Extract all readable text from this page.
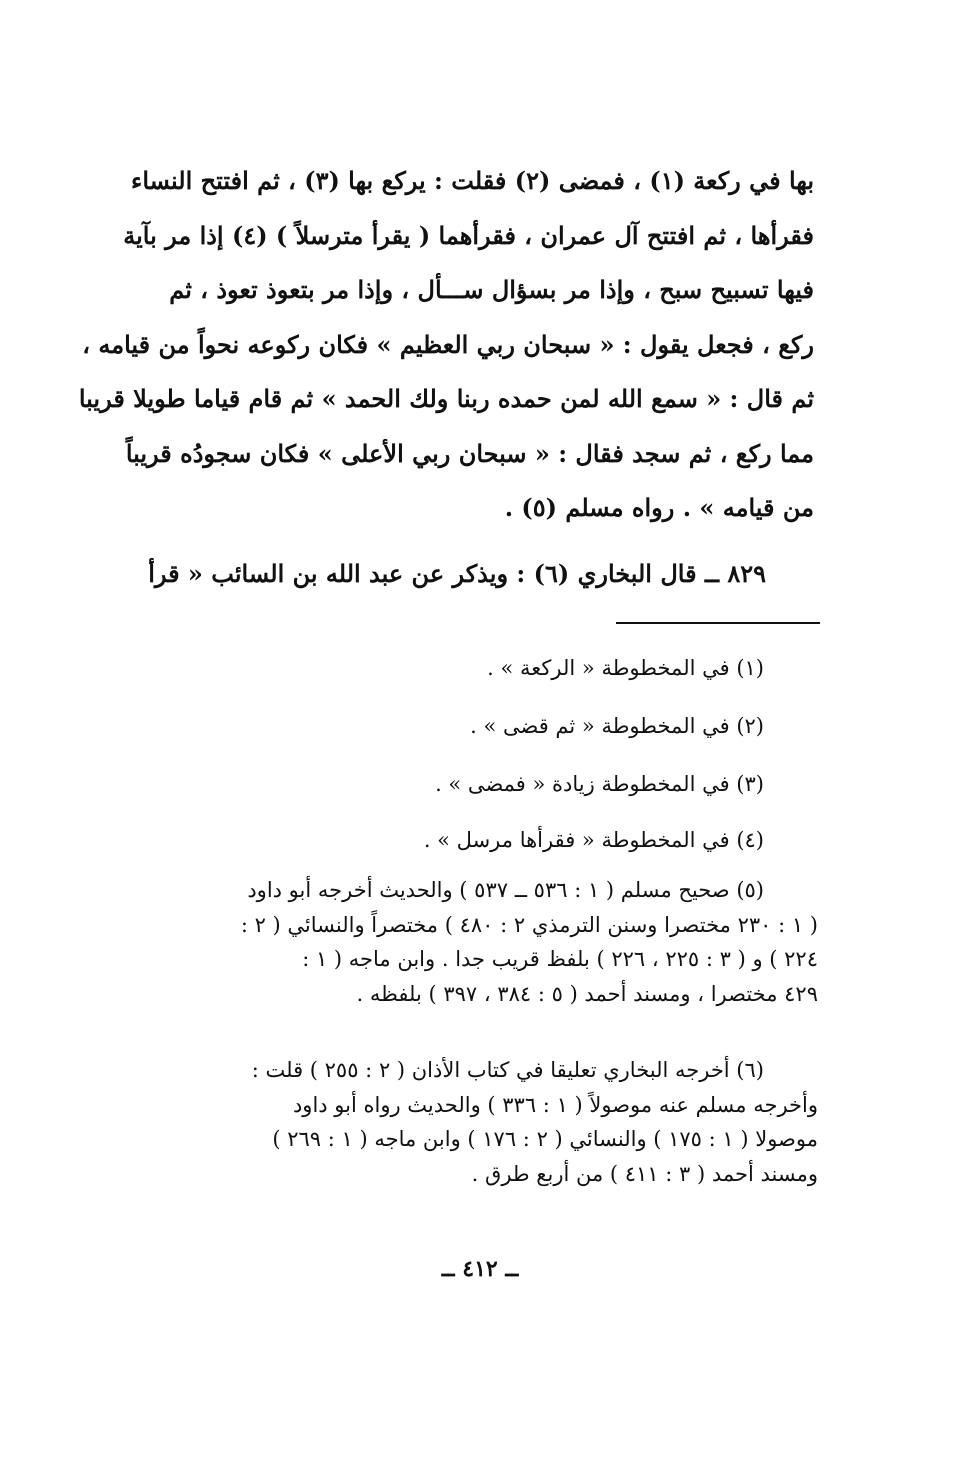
بها في ركعة (١) ، فمضى (٢) فقلت : يركع بها (٣) ، ثم افتتح النساء
فقرأها ، ثم افتتح آل عمران ، فقرأهما ( يقرأ مترسلاً ) (٤) إذا مر بآية
فيها تسبيح سبح ، وإذا مر بسؤال ســـأل ، وإذا مر بتعوذ تعوذ ، ثم
ركع ، فجعل يقول : « سبحان ربي العظيم » فكان ركوعه نحواً من قيامه ،
ثم قال : « سمع الله لمن حمده ربنا ولك الحمد » ثم قام قياما طويلا قريبا
مما ركع ، ثم سجد فقال : « سبحان ربي الأعلى » فكان سجودُه قريباً
من قيامه » . رواه مسلم (٥) .
٨٢٩ ــ قال البخاري (٦) : ويذكر عن عبد الله بن السائب « قرأ
(١) في المخطوطة « الركعة » .
(٢) في المخطوطة « ثم قضى » .
(٣) في المخطوطة زيادة « فمضى » .
(٤) في المخطوطة « فقرأها مرسل » .
(٥) صحيح مسلم ( ١ : ٥٣٦ ــ ٥٣٧ ) والحديث أخرجه أبو داود
( ١ : ٢٣٠ مختصرا وسنن الترمذي ٢ : ٤٨٠ ) مختصراً والنسائي ( ٢ :
٢٢٤ ) و ( ٣ : ٢٢٥ ، ٢٢٦ ) بلفظ قريب جدا . وابن ماجه ( ١ :
٤٢٩ مختصرا ، ومسند أحمد ( ٥ : ٣٨٤ ، ٣٩٧ ) بلفظه .
(٦) أخرجه البخاري تعليقا في كتاب الأذان ( ٢ : ٢٥٥ ) قلت :
وأخرجه مسلم عنه موصولاً ( ١ : ٣٣٦ ) والحديث رواه أبو داود
موصولا ( ١ : ١٧٥ ) والنسائي ( ٢ : ١٧٦ ) وابن ماجه ( ١ : ٢٦٩ )
ومسند أحمد ( ٣ : ٤١١ ) من أربع طرق .
ــ ٤١٢ ــ
